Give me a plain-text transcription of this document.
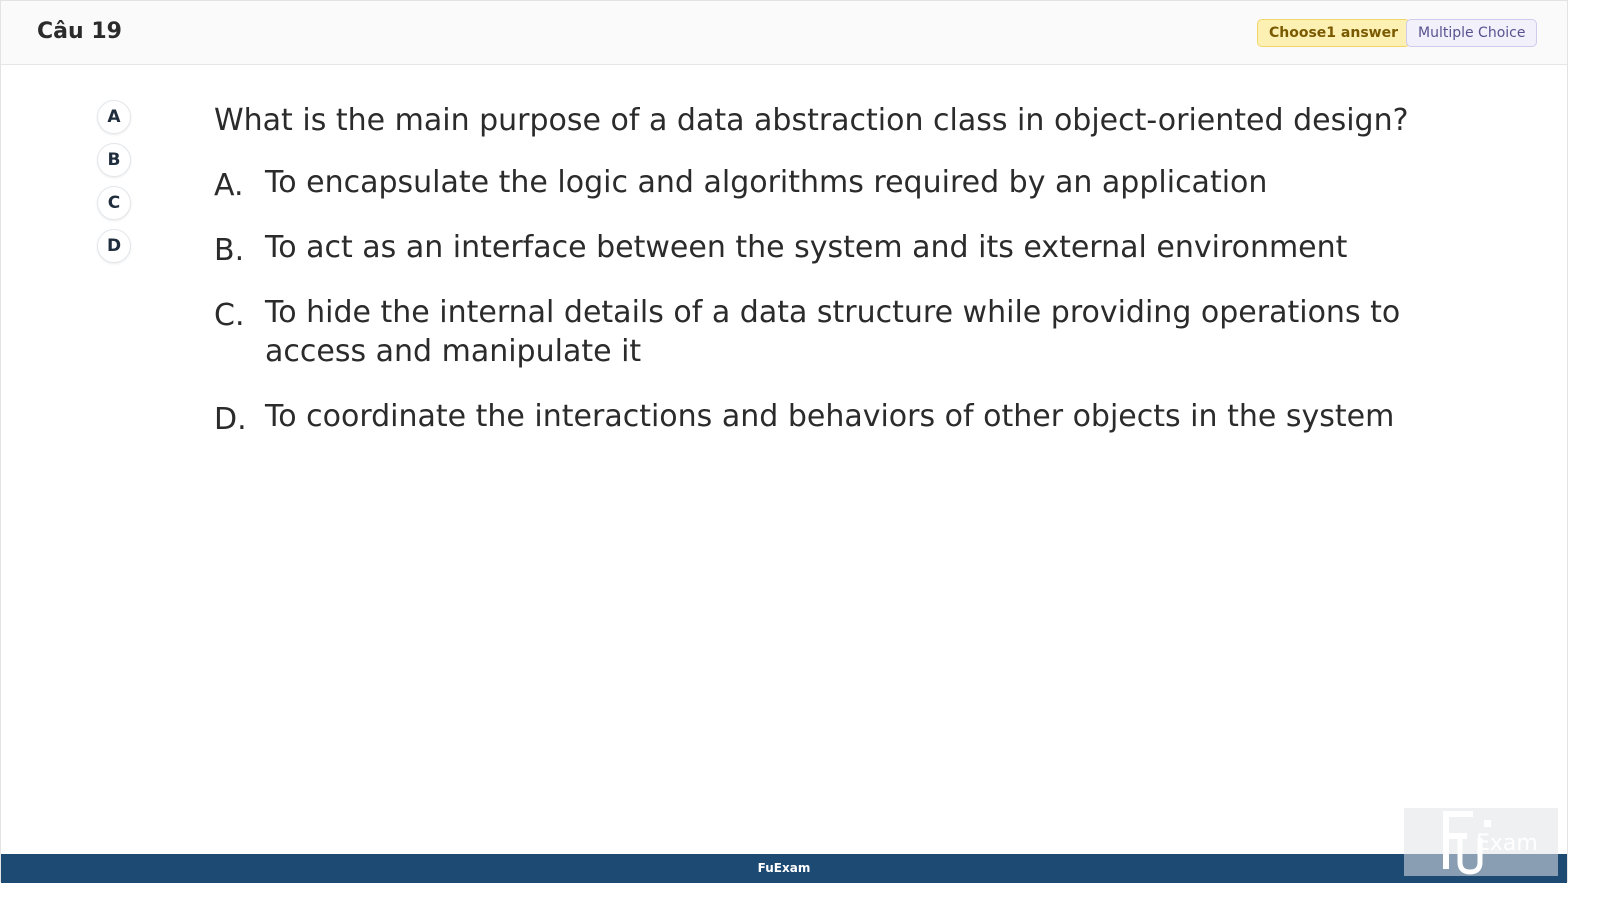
Câu 19	Choose1 answer	Multiple Choice
A
B
C
D

What is the main purpose of a data abstraction class in object-oriented design?

A. To encapsulate the logic and algorithms required by an application
B. To act as an interface between the system and its external environment
C. To hide the internal details of a data structure while providing operations to access and manipulate it
D. To coordinate the interactions and behaviors of other objects in the system
FuExam
Exam
